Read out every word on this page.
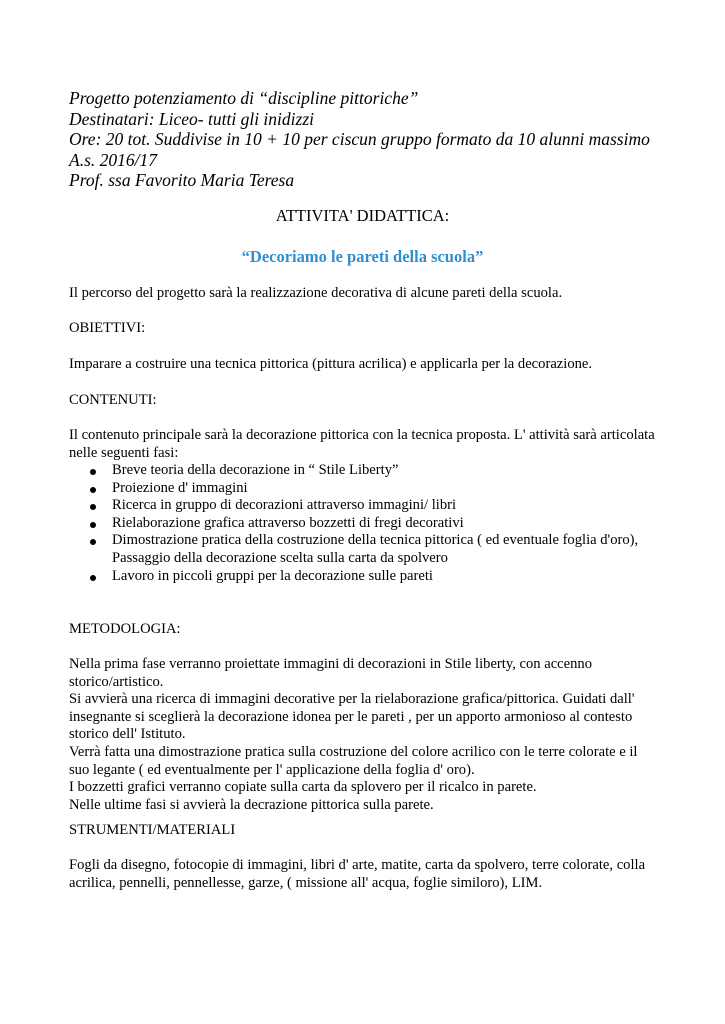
Progetto potenziamento di “discipline pittoriche”
Destinatari: Liceo- tutti gli inidizzi
Ore: 20 tot. Suddivise in 10 + 10 per ciscun gruppo formato da 10 alunni massimo
A.s. 2016/17
Prof. ssa Favorito Maria Teresa
ATTIVITA' DIDATTICA:
“Decoriamo le pareti della scuola”
Il percorso del progetto sarà la realizzazione decorativa di alcune pareti della scuola.
OBIETTIVI:
Imparare a costruire una tecnica pittorica (pittura acrilica) e applicarla per la decorazione.
CONTENUTI:
Il contenuto principale sarà la decorazione pittorica con la tecnica proposta. L' attività sarà articolata
nelle seguenti fasi:
Breve teoria della decorazione in “ Stile Liberty”
Proiezione d' immagini
Ricerca in gruppo di decorazioni attraverso immagini/ libri
Rielaborazione grafica attraverso bozzetti di fregi decorativi
Dimostrazione pratica della costruzione della tecnica pittorica ( ed eventuale foglia d'oro),
Passaggio della decorazione scelta sulla carta da spolvero
Lavoro in piccoli gruppi per la decorazione sulle pareti
METODOLOGIA:
Nella prima fase verranno proiettate immagini di decorazioni in Stile liberty, con accenno
storico/artistico.
Si avvierà una ricerca di immagini decorative per la rielaborazione grafica/pittorica. Guidati dall'
insegnante si sceglierà la decorazione idonea per le pareti , per un apporto armonioso al contesto
storico dell' Istituto.
Verrà fatta una dimostrazione pratica sulla costruzione del colore acrilico con le terre colorate e il
suo legante ( ed eventualmente per l' applicazione della foglia d' oro).
I bozzetti grafici verranno copiate sulla carta da splovero per il ricalco in parete.
Nelle ultime fasi si avvierà la decrazione pittorica sulla parete.
STRUMENTI/MATERIALI
Fogli da disegno, fotocopie di immagini, libri d' arte, matite, carta da spolvero, terre colorate, colla
acrilica, pennelli, pennellesse, garze, ( missione all' acqua, foglie similoro), LIM.
